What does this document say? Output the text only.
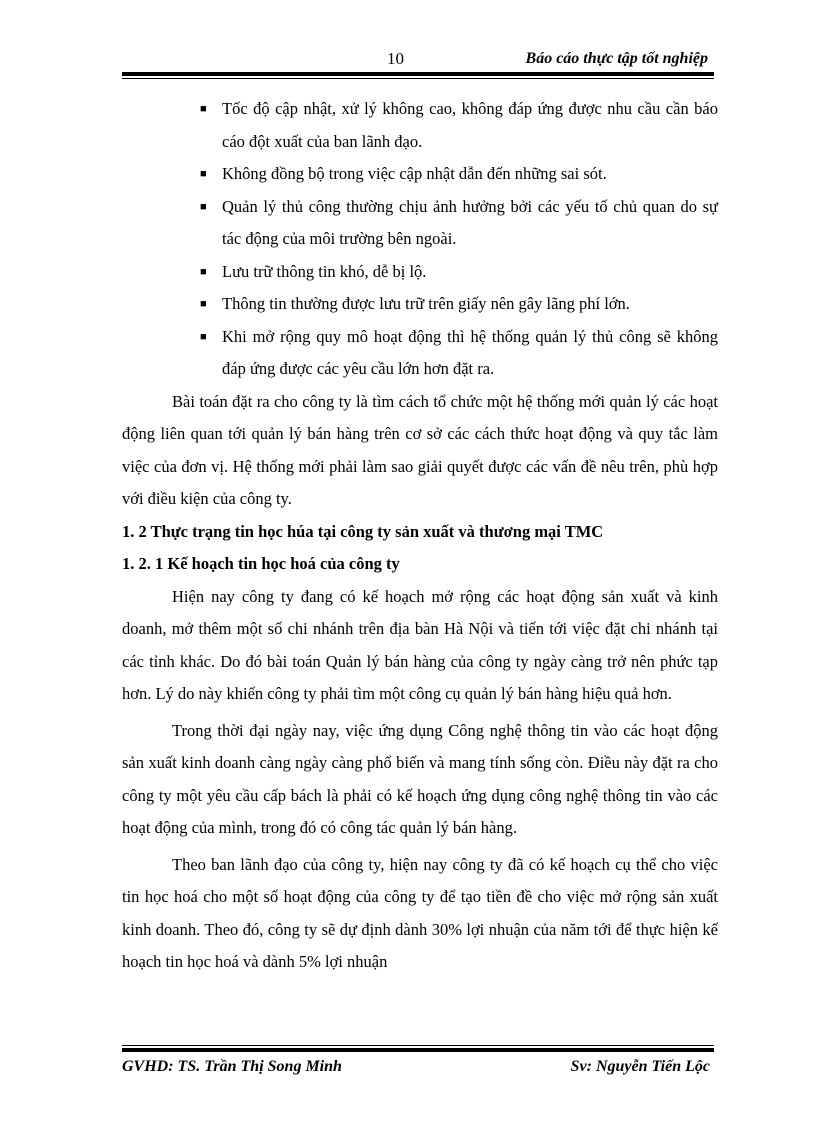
10	Báo cáo thực tập tốt nghiệp
■ Tốc độ cập nhật, xử lý không cao, không đáp ứng được nhu cầu cần báo cáo đột xuất của ban lãnh đạo.
■ Không đồng bộ trong việc cập nhật dẫn đến những sai sót.
■ Quản lý thủ công thường chịu ảnh hưởng bởi các yếu tố chủ quan do sự tác động của môi trường bên ngoài.
■ Lưu trữ thông tin khó, dễ bị lộ.
■ Thông tin thường được lưu trữ trên giấy nên gây lãng phí lớn.
■ Khi mở rộng quy mô hoạt động thì hệ thống quản lý thủ công sẽ không đáp ứng được các yêu cầu lớn hơn đặt ra.

Bài toán đặt ra cho công ty là tìm cách tổ chức một hệ thống mới quản lý các hoạt động liên quan tới quản lý bán hàng trên cơ sở các cách thức hoạt động và quy tắc làm việc của đơn vị. Hệ thống mới phải làm sao giải quyết được các vấn đề nêu trên, phù hợp với điều kiện của công ty.

1. 2 Thực trạng tin học húa tại công ty sản xuất và thương mại TMC

1. 2. 1 Kế hoạch tin học hoá của công ty

Hiện nay công ty đang có kế hoạch mở rộng các hoạt động sản xuất và kinh doanh, mở thêm một số chi nhánh trên địa bàn Hà Nội và tiến tới việc đặt chi nhánh tại các tỉnh khác. Do đó bài toán Quản lý bán hàng của công ty ngày càng trở nên phức tạp hơn. Lý do này khiến công ty phải tìm một công cụ quản lý bán hàng hiệu quả hơn.

Trong thời đại ngày nay, việc ứng dụng Công nghệ thông tin vào các hoạt động sản xuất kinh doanh càng ngày càng phổ biến và mang tính sống còn. Điều này đặt ra cho công ty một yêu cầu cấp bách là phải có kế hoạch ứng dụng công nghệ thông tin vào các hoạt động của mình, trong đó có công tác quản lý bán hàng.

Theo ban lãnh đạo của công ty, hiện nay công ty đã có kế hoạch cụ thể cho việc tin học hoá cho một số hoạt động của công ty để tạo tiền đề cho việc mở rộng sản xuất kinh doanh. Theo đó, công ty sẽ dự định dành 30% lợi nhuận của năm tới để thực hiện kế hoạch tin học hoá và dành 5% lợi nhuận

GVHD: TS. Trần Thị Song Minh	Sv: Nguyễn Tiến Lộc
